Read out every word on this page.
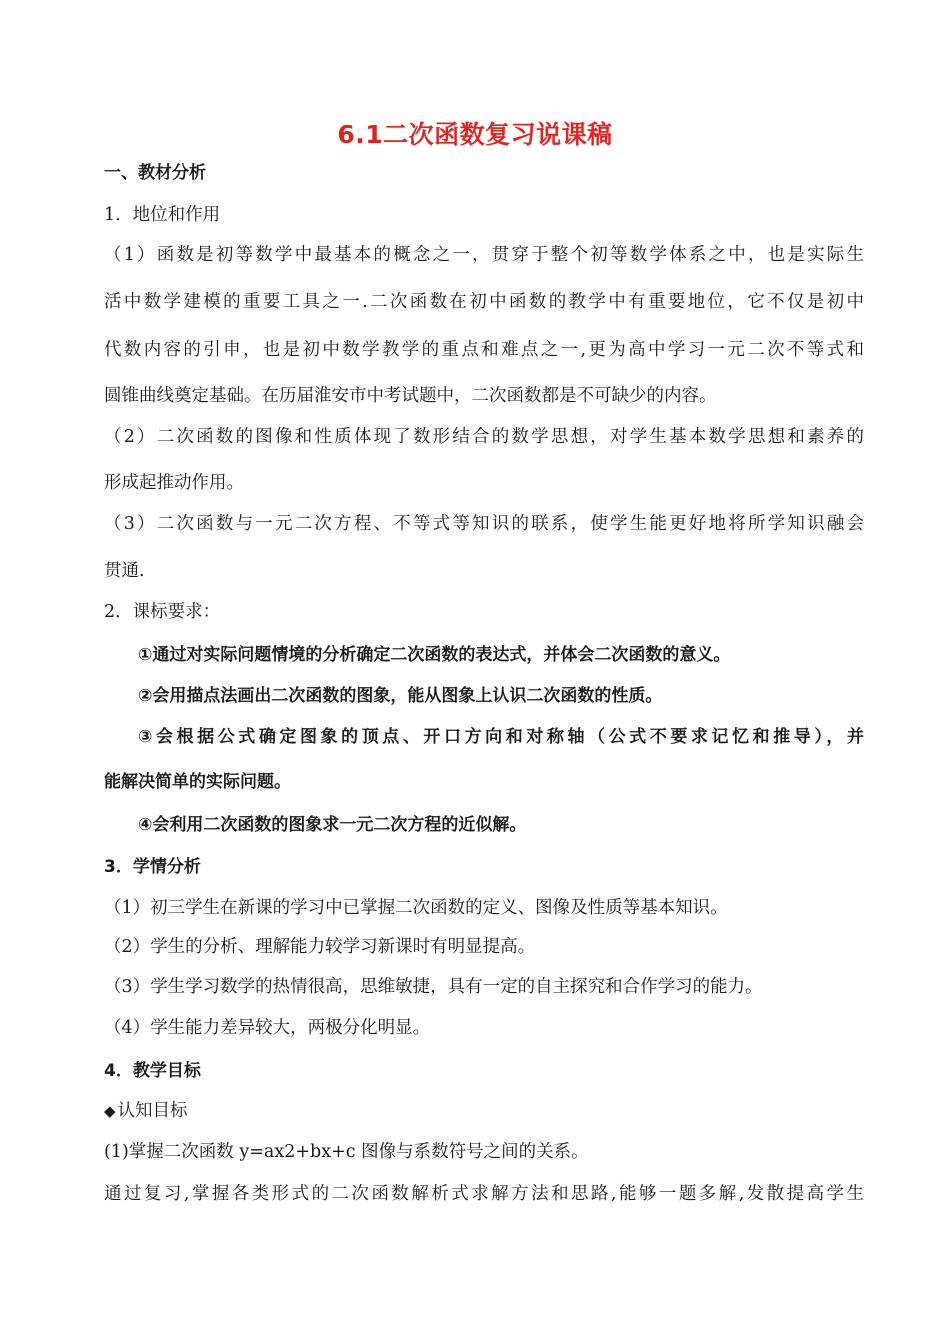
6.1二次函数复习说课稿
一、教材分析
1．地位和作用
（1）函数是初等数学中最基本的概念之一，贯穿于整个初等数学体系之中，也是实际生
活中数学建模的重要工具之一.二次函数在初中函数的教学中有重要地位，它不仅是初中
代数内容的引申，也是初中数学教学的重点和难点之一,更为高中学习一元二次不等式和
圆锥曲线奠定基础。在历届淮安市中考试题中，二次函数都是不可缺少的内容。
（2）二次函数的图像和性质体现了数形结合的数学思想，对学生基本数学思想和素养的
形成起推动作用。
（3）二次函数与一元二次方程、不等式等知识的联系，使学生能更好地将所学知识融会
贯通.
2．课标要求：
①通过对实际问题情境的分析确定二次函数的表达式，并体会二次函数的意义。
②会用描点法画出二次函数的图象，能从图象上认识二次函数的性质。
③会根据公式确定图象的顶点、开口方向和对称轴（公式不要求记忆和推导），并
能解决简单的实际问题。
④会利用二次函数的图象求一元二次方程的近似解。
3．学情分析
（1）初三学生在新课的学习中已掌握二次函数的定义、图像及性质等基本知识。
（2）学生的分析、理解能力较学习新课时有明显提高。
（3）学生学习数学的热情很高，思维敏捷，具有一定的自主探究和合作学习的能力。
（4）学生能力差异较大，两极分化明显。
4．教学目标
◆ 认知目标
(1)掌握二次函数 y=ax2+bx+c 图像与系数符号之间的关系。
通过复习,掌握各类形式的二次函数解析式求解方法和思路,能够一题多解,发散提高学生
